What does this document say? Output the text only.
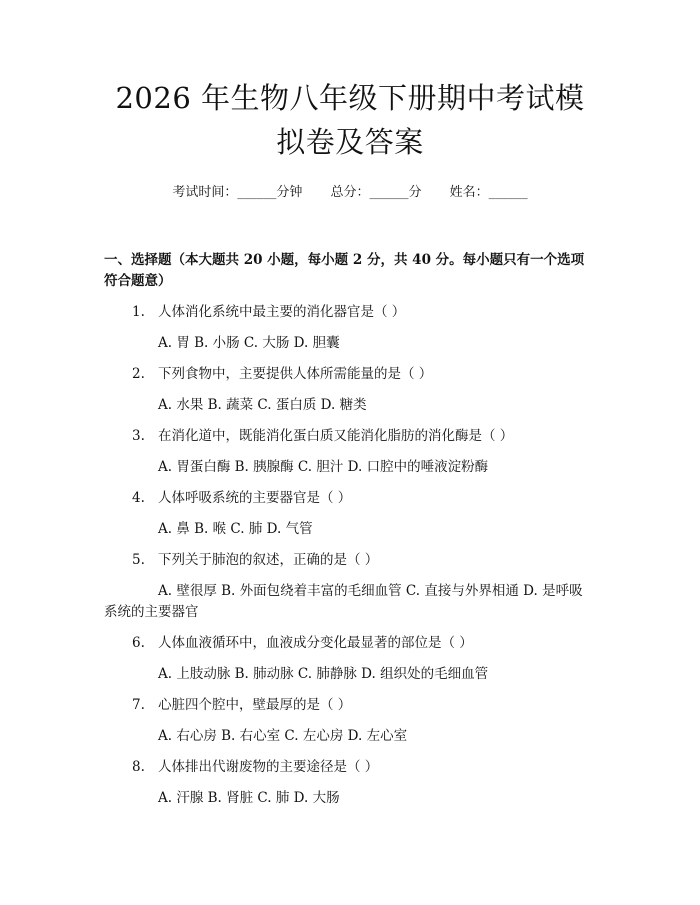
2026 年生物八年级下册期中考试模拟卷及答案
考试时间：______分钟 总分：______分 姓名：______
一、选择题（本大题共 20 小题，每小题 2 分，共 40 分。每小题只有一个选项符合题意）
1. 人体消化系统中最主要的消化器官是（ ）
A. 胃 B. 小肠 C. 大肠 D. 胆囊
2. 下列食物中，主要提供人体所需能量的是（ ）
A. 水果 B. 蔬菜 C. 蛋白质 D. 糖类
3. 在消化道中，既能消化蛋白质又能消化脂肪的消化酶是（ ）
A. 胃蛋白酶 B. 胰腺酶 C. 胆汁 D. 口腔中的唾液淀粉酶
4. 人体呼吸系统的主要器官是（ ）
A. 鼻 B. 喉 C. 肺 D. 气管
5. 下列关于肺泡的叙述，正确的是（ ）
A. 壁很厚 B. 外面包绕着丰富的毛细血管 C. 直接与外界相通 D. 是呼吸系统的主要器官
6. 人体血液循环中，血液成分变化最显著的部位是（ ）
A. 上肢动脉 B. 肺动脉 C. 肺静脉 D. 组织处的毛细血管
7. 心脏四个腔中，壁最厚的是（ ）
A. 右心房 B. 右心室 C. 左心房 D. 左心室
8. 人体排出代谢废物的主要途径是（ ）
A. 汗腺 B. 肾脏 C. 肺 D. 大肠
